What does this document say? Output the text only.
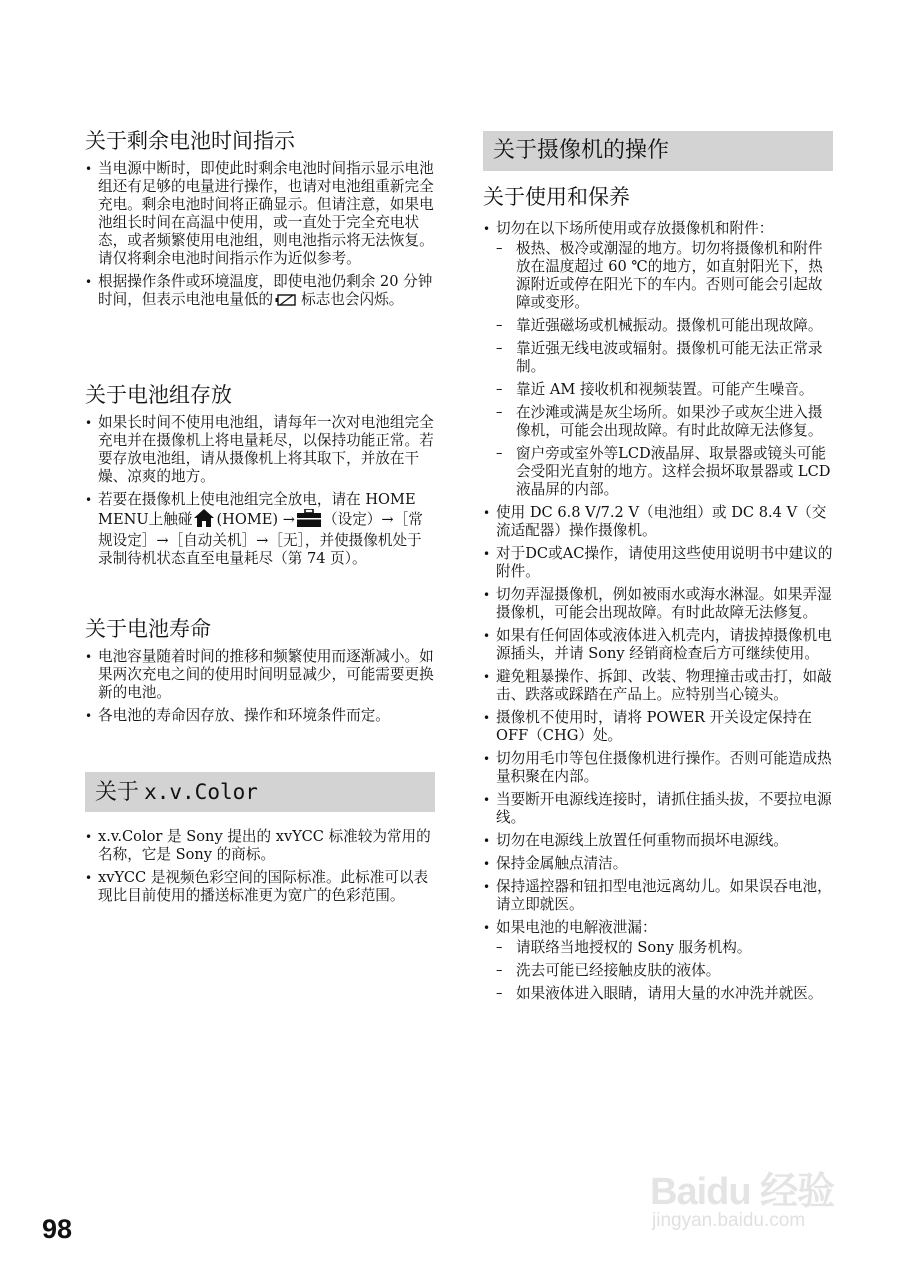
关于剩余电池时间指示
• 当电源中断时，即使此时剩余电池时间指示显示电池组还有足够的电量进行操作，也请对电池组重新完全充电。剩余电池时间将正确显示。但请注意，如果电池组长时间在高温中使用，或一直处于完全充电状态，或者频繁使用电池组，则电池指示将无法恢复。请仅将剩余电池时间指示作为近似参考。
• 根据操作条件或环境温度，即使电池仍剩余 20 分钟时间，但表示电池电量低的 标志也会闪烁。
关于电池组存放
• 如果长时间不使用电池组，请每年一次对电池组完全充电并在摄像机上将电量耗尽，以保持功能正常。若要存放电池组，请从摄像机上将其取下，并放在干燥、凉爽的地方。
• 若要在摄像机上使电池组完全放电，请在 HOME MENU上触碰 (HOME) → （设定）→［常规设定］→［自动关机］→［无］，并使摄像机处于录制待机状态直至电量耗尽（第 74 页）。
关于电池寿命
• 电池容量随着时间的推移和频繁使用而逐渐减小。如果两次充电之间的使用时间明显减少，可能需要更换新的电池。
• 各电池的寿命因存放、操作和环境条件而定。
关于 x.v.Color
• x.v.Color 是 Sony 提出的 xvYCC 标准较为常用的名称，它是 Sony 的商标。
• xvYCC 是视频色彩空间的国际标准。此标准可以表现比目前使用的播送标准更为宽广的色彩范围。
关于摄像机的操作
关于使用和保养
• 切勿在以下场所使用或存放摄像机和附件：
– 极热、极冷或潮湿的地方。切勿将摄像机和附件放在温度超过 60 ℃的地方，如直射阳光下，热源附近或停在阳光下的车内。否则可能会引起故障或变形。
– 靠近强磁场或机械振动。摄像机可能出现故障。
– 靠近强无线电波或辐射。摄像机可能无法正常录制。
– 靠近 AM 接收机和视频装置。可能产生噪音。
– 在沙滩或满是灰尘场所。如果沙子或灰尘进入摄像机，可能会出现故障。有时此故障无法修复。
– 窗户旁或室外等LCD液晶屏、取景器或镜头可能会受阳光直射的地方。这样会损坏取景器或 LCD 液晶屏的内部。
• 使用 DC 6.8 V/7.2 V（电池组）或 DC 8.4 V（交流适配器）操作摄像机。
• 对于DC或AC操作，请使用这些使用说明书中建议的附件。
• 切勿弄湿摄像机，例如被雨水或海水淋湿。如果弄湿摄像机，可能会出现故障。有时此故障无法修复。
• 如果有任何固体或液体进入机壳内，请拔掉摄像机电源插头，并请 Sony 经销商检查后方可继续使用。
• 避免粗暴操作、拆卸、改装、物理撞击或击打，如敲击、跌落或踩踏在产品上。应特别当心镜头。
• 摄像机不使用时，请将 POWER 开关设定保持在 OFF（CHG）处。
• 切勿用毛巾等包住摄像机进行操作。否则可能造成热量积聚在内部。
• 当要断开电源线连接时，请抓住插头拔，不要拉电源线。
• 切勿在电源线上放置任何重物而损坏电源线。
• 保持金属触点清洁。
• 保持遥控器和钮扣型电池远离幼儿。如果误吞电池，请立即就医。
• 如果电池的电解液泄漏：
– 请联络当地授权的 Sony 服务机构。
– 洗去可能已经接触皮肤的液体。
– 如果液体进入眼睛，请用大量的水冲洗并就医。
98
Baidu 经验
jingyan.baidu.com
